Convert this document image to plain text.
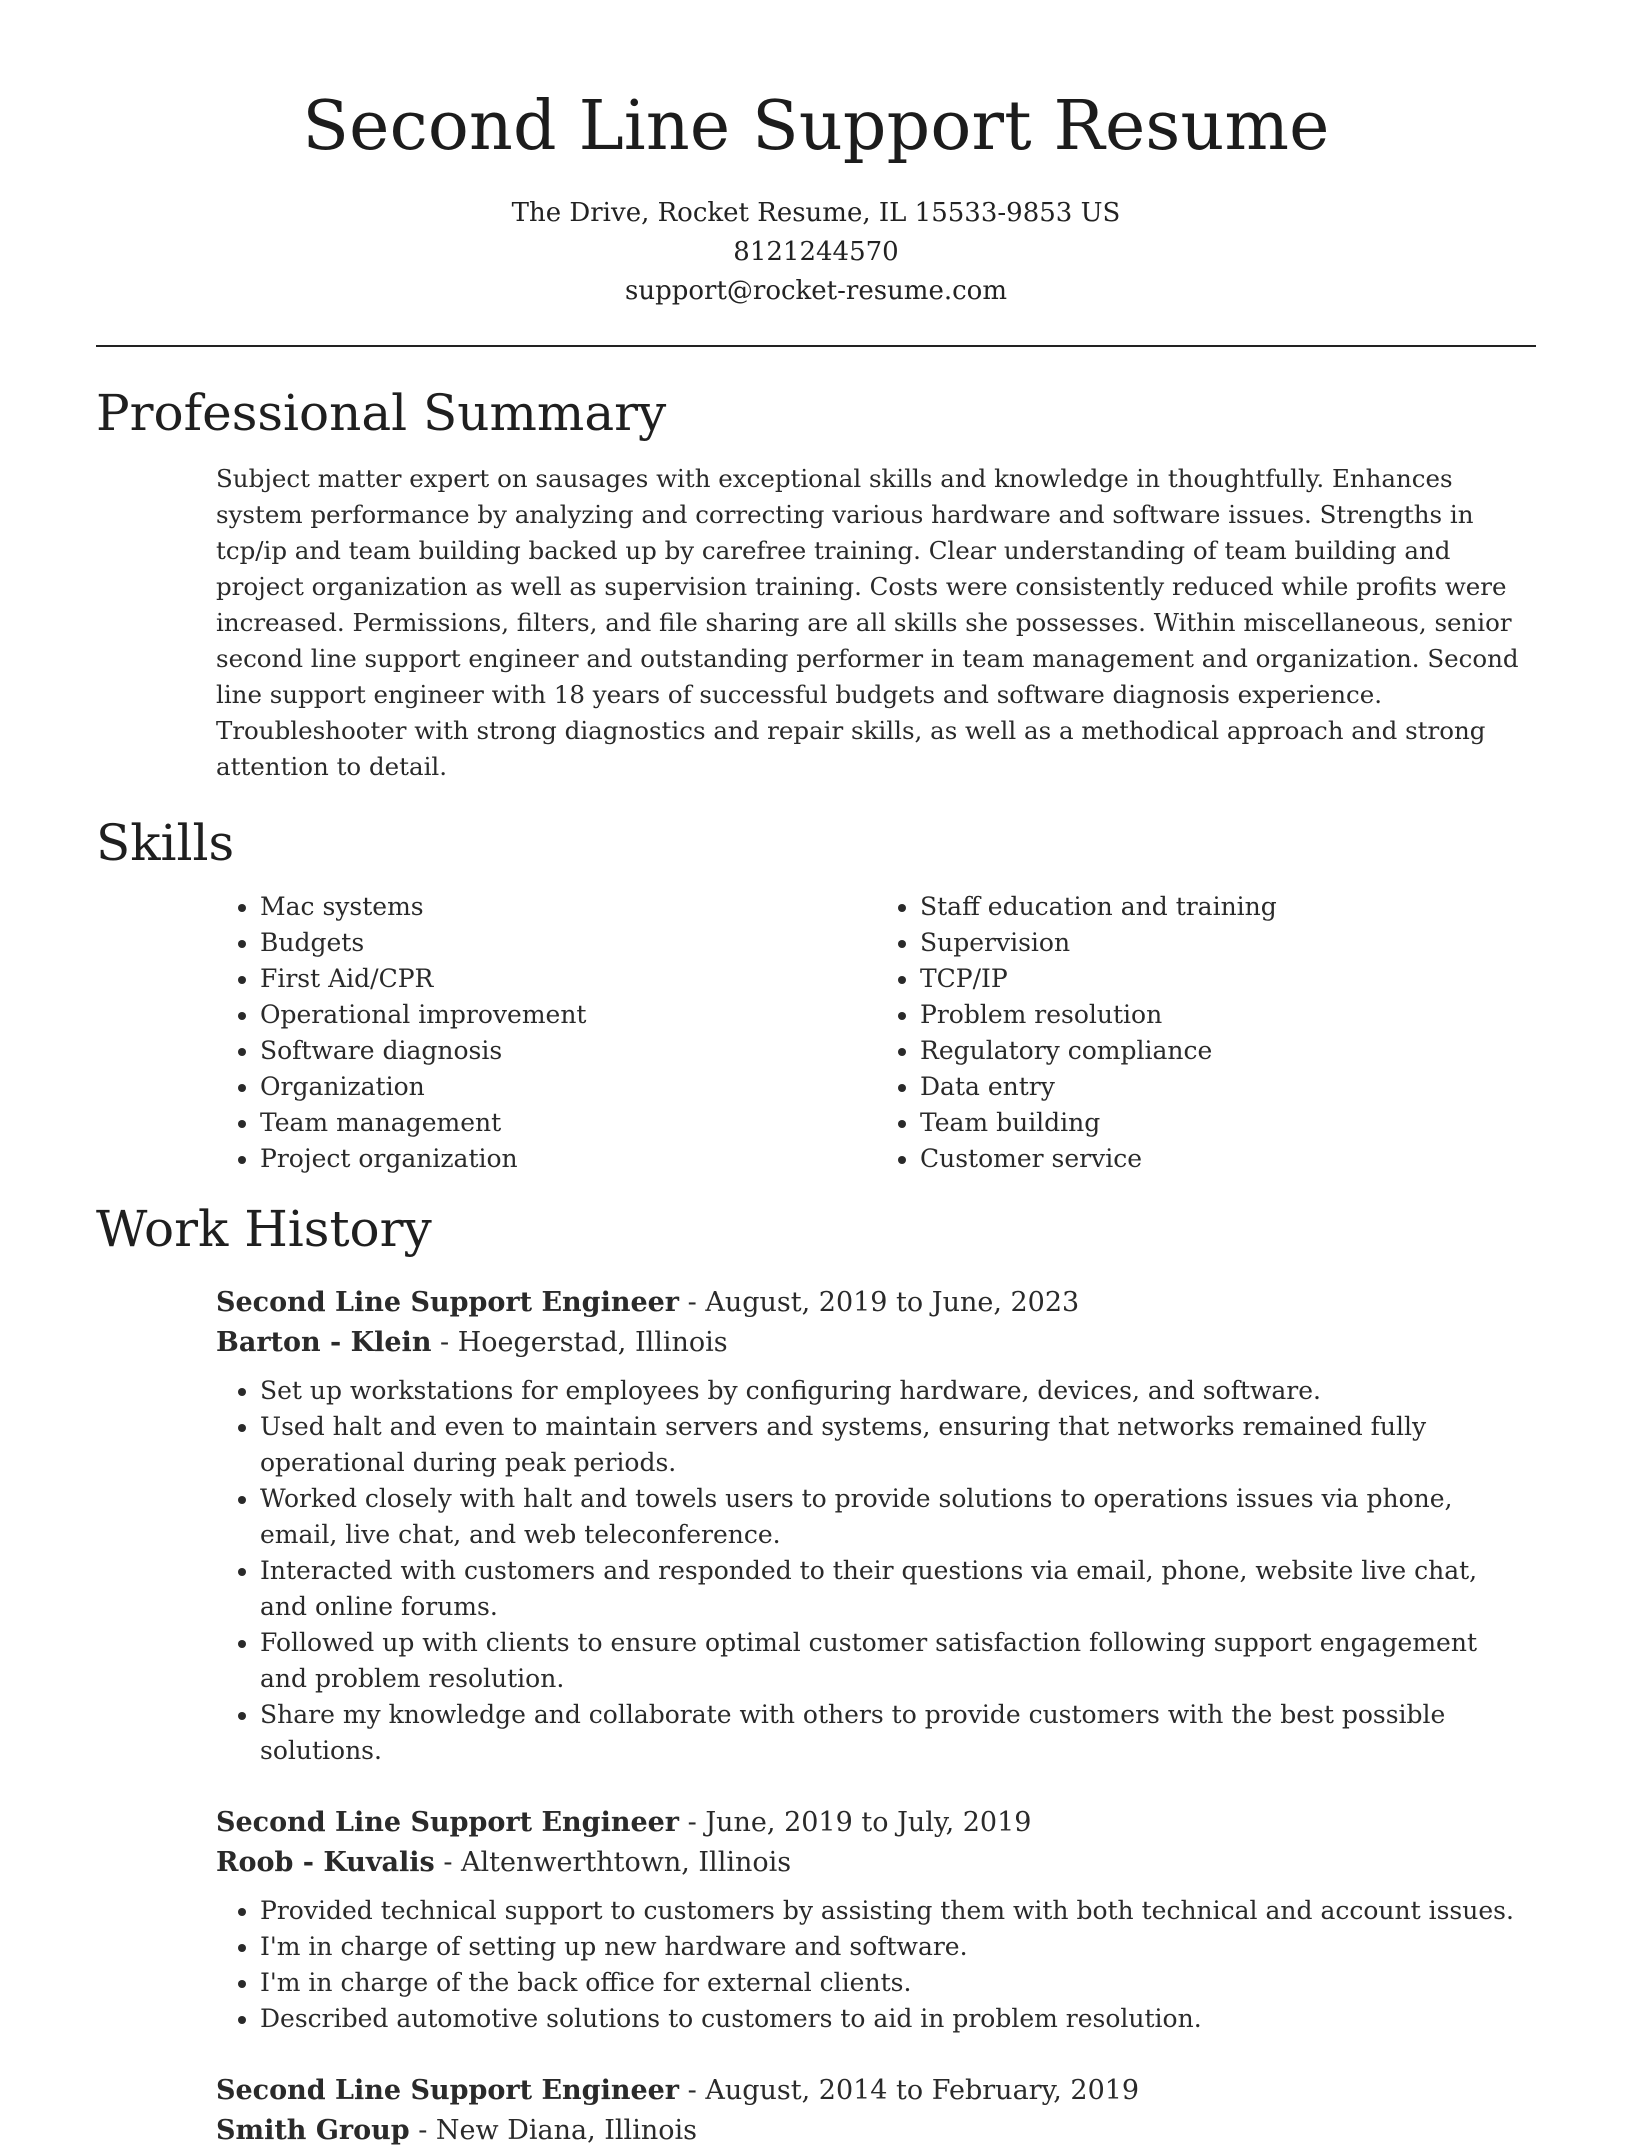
Second Line Support Resume
The Drive, Rocket Resume, IL 15533-9853 US
8121244570
support@rocket-resume.com
Professional Summary

Subject matter expert on sausages with exceptional skills and knowledge in thoughtfully. Enhances system performance by analyzing and correcting various hardware and software issues. Strengths in tcp/ip and team building backed up by carefree training. Clear understanding of team building and project organization as well as supervision training. Costs were consistently reduced while profits were increased. Permissions, filters, and file sharing are all skills she possesses. Within miscellaneous, senior second line support engineer and outstanding performer in team management and organization. Second line support engineer with 18 years of successful budgets and software diagnosis experience. Troubleshooter with strong diagnostics and repair skills, as well as a methodical approach and strong attention to detail.

Skills
• Mac systems
• Budgets
• First Aid/CPR
• Operational improvement
• Software diagnosis
• Organization
• Team management
• Project organization
• Staff education and training
• Supervision
• TCP/IP
• Problem resolution
• Regulatory compliance
• Data entry
• Team building
• Customer service
Work History
Second Line Support Engineer - August, 2019 to June, 2023
Barton - Klein - Hoegerstad, Illinois
• Set up workstations for employees by configuring hardware, devices, and software.
• Used halt and even to maintain servers and systems, ensuring that networks remained fully operational during peak periods.
• Worked closely with halt and towels users to provide solutions to operations issues via phone, email, live chat, and web teleconference.
• Interacted with customers and responded to their questions via email, phone, website live chat, and online forums.
• Followed up with clients to ensure optimal customer satisfaction following support engagement and problem resolution.
• Share my knowledge and collaborate with others to provide customers with the best possible solutions.
Second Line Support Engineer - June, 2019 to July, 2019
Roob - Kuvalis - Altenwerthtown, Illinois
• Provided technical support to customers by assisting them with both technical and account issues.
• I'm in charge of setting up new hardware and software.
• I'm in charge of the back office for external clients.
• Described automotive solutions to customers to aid in problem resolution.
Second Line Support Engineer - August, 2014 to February, 2019
Smith Group - New Diana, Illinois
